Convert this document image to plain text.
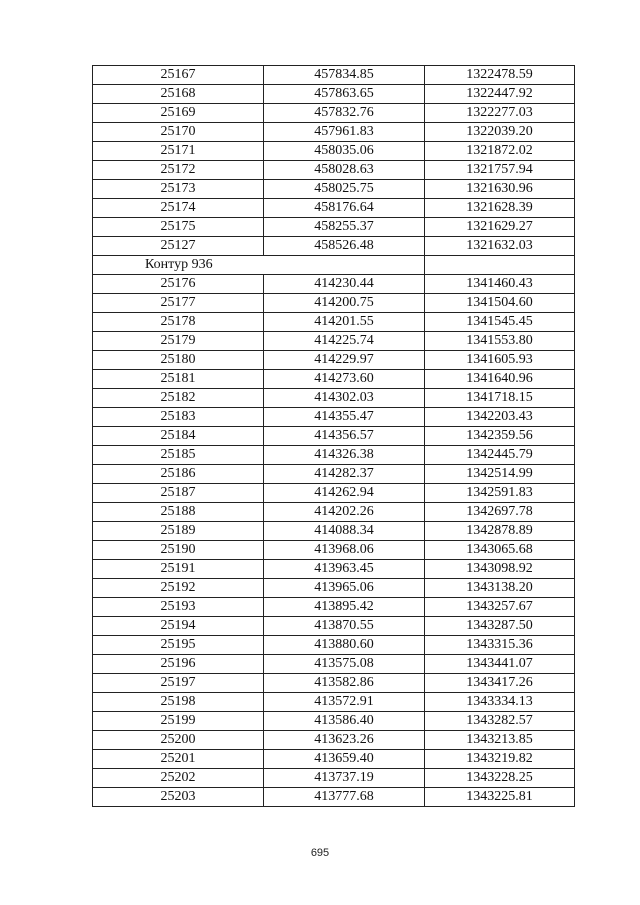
25167	457834.85	1322478.59
25168	457863.65	1322447.92
25169	457832.76	1322277.03
25170	457961.83	1322039.20
25171	458035.06	1321872.02
25172	458028.63	1321757.94
25173	458025.75	1321630.96
25174	458176.64	1321628.39
25175	458255.37	1321629.27
25127	458526.48	1321632.03
Контур 936		
25176	414230.44	1341460.43
25177	414200.75	1341504.60
25178	414201.55	1341545.45
25179	414225.74	1341553.80
25180	414229.97	1341605.93
25181	414273.60	1341640.96
25182	414302.03	1341718.15
25183	414355.47	1342203.43
25184	414356.57	1342359.56
25185	414326.38	1342445.79
25186	414282.37	1342514.99
25187	414262.94	1342591.83
25188	414202.26	1342697.78
25189	414088.34	1342878.89
25190	413968.06	1343065.68
25191	413963.45	1343098.92
25192	413965.06	1343138.20
25193	413895.42	1343257.67
25194	413870.55	1343287.50
25195	413880.60	1343315.36
25196	413575.08	1343441.07
25197	413582.86	1343417.26
25198	413572.91	1343334.13
25199	413586.40	1343282.57
25200	413623.26	1343213.85
25201	413659.40	1343219.82
25202	413737.19	1343228.25
25203	413777.68	1343225.81
695
